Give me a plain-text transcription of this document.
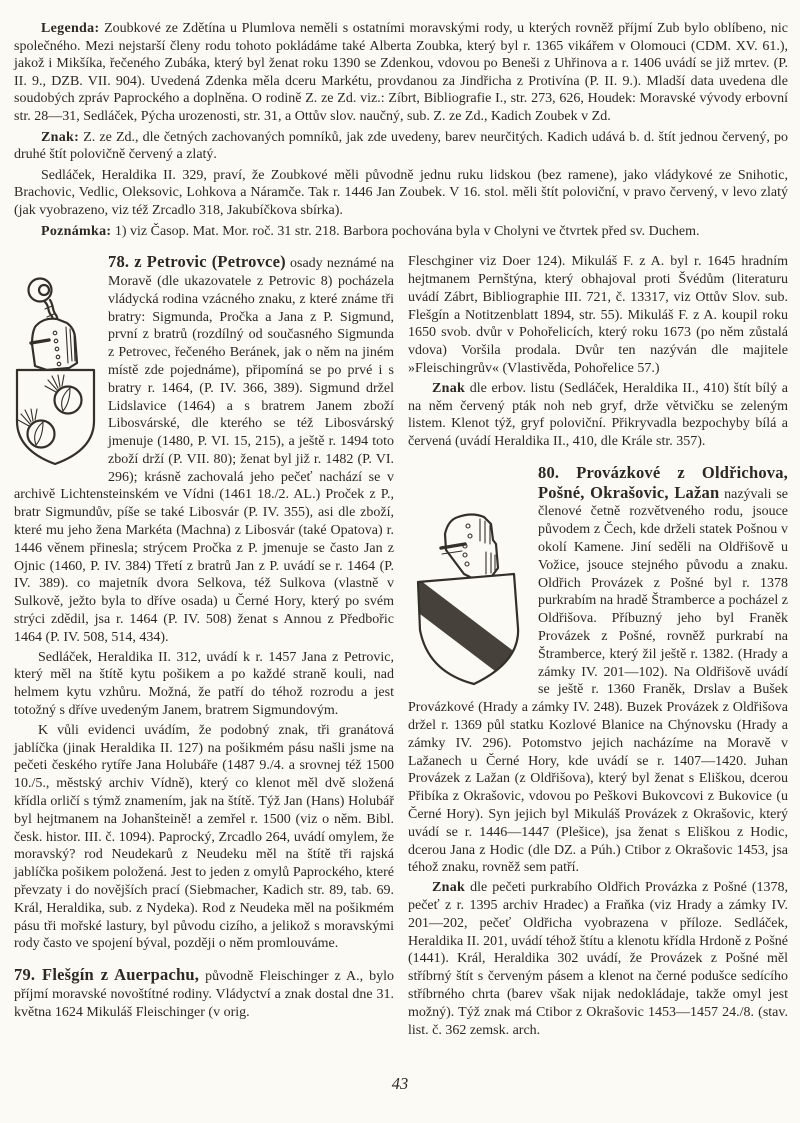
Legenda: Zoubkové ze Zdětína u Plumlova neměli s ostatními moravskými rody, u kterých rovněž příjmí Zub bylo oblíbeno, nic společného. Mezi nejstarší členy rodu tohoto pokládáme také Alberta Zoubka, který byl r. 1365 vikářem v Olomouci (CDM. XV. 61.), jakož i Mikšíka, řečeného Zubáka, který byl ženat roku 1390 se Zdenkou, vdovou po Beneši z Uhřinova a r. 1406 uvádí se již mrtev. (P. II. 9., DZB. VII. 904). Uvedená Zdenka měla dceru Markétu, provdanou za Jindřicha z Protivína (P. II. 9.). Mladší data uvedena dle soudobých zpráv Paprockého a doplněna. O rodině Z. ze Zd. viz.: Zíbrt, Bibliografie I., str. 273, 626, Houdek: Moravské vývody erbovní str. 28—31, Sedláček, Pýcha urozenosti, str. 31, a Ottův slov. naučný, sub. Z. ze Zd., Kadich Zoubek v Zd.

Znak: Z. ze Zd., dle četných zachovaných pomníků, jak zde uvedeny, barev neurčitých. Kadich udává b. d. štít jednou červený, po druhé štít polovičně červený a zlatý.

Sedláček, Heraldika II. 329, praví, že Zoubkové měli původně jednu ruku lidskou (bez ramene), jako vládykové ze Snihotic, Brachovic, Vedlic, Oleksovic, Lohkova a Náramče. Tak r. 1446 Jan Zoubek. V 16. stol. měli štít poloviční, v pravo červený, v levo zlatý (jak vyobrazeno, viz též Zrcadlo 318, Jakubíčkova sbírka).

Poznámka: 1) viz Časop. Mat. Mor. roč. 31 str. 218. Barbora pochována byla v Cholyni ve čtvrtek před sv. Duchem.

78. z Petrovic (Petrovce) osady neznámé na Moravě (dle ukazovatele z Petrovic 8) pocházela vládycká rodina vzácného znaku, z které známe tři bratry: Sigmunda, Pročka a Jana z P. Sigmund, první z bratrů (rozdílný od současného Sigmunda z Petrovec, řečeného Beránek, jak o něm na jiném místě zde pojednáme), připomíná se po prvé i s bratry r. 1464, (P. IV. 366, 389). Sigmund držel Lidslavice (1464) a s bratrem Janem zboží Libosvárské, dle kterého se též Libosvárský jmenuje (1480, P. VI. 15, 215), a ještě r. 1494 toto zboží drží (P. VII. 80); ženat byl již r. 1482 (P. VI. 296); krásně zachovalá jeho pečeť nachází se v archivě Lichtensteinském ve Vídni (1461 18./2. AL.) Proček z P., bratr Sigmundův, píše se také Libosvár (P. IV. 355), asi dle zboží, které mu jeho žena Markéta (Machna) z Libosvár (také Opatova) r. 1446 věnem přinesla; strýcem Pročka z P. jmenuje se často Jan z Ojnic (1460, P. IV. 384) Třetí z bratrů Jan z P. uvádí se r. 1464 (P. IV. 389). co majetník dvora Selkova, též Sulkova (vlastně v Sulkově, ježto byla to dříve osada) u Černé Hory, který po svém strýci zdědil, jsa r. 1464 (P. IV. 508) ženat s Annou z Předbořic 1464 (P. IV. 508, 514, 434).

Sedláček, Heraldika II. 312, uvádí k r. 1457 Jana z Petrovic, který měl na štítě kytu pošikem a po každé straně kouli, nad helmem kytu vzhůru. Možná, že patří do téhož rozrodu a jest totožný s dříve uvedeným Janem, bratrem Sigmundovým.

K vůli evidenci uvádím, že podobný znak, tři granátová jablíčka (jinak Heraldika II. 127) na pošikmém pásu našli jsme na pečeti českého rytíře Jana Holubáře (1487 9./4. a srovnej též 1500 10./5., městský archiv Vídně), který co klenot měl dvě složená křídla orličí s týmž znamením, jak na štítě. Týž Jan (Hans) Holubář byl hejtmanem na Johanšteině! a zemřel r. 1500 (viz o něm. Bibl. česk. histor. III. č. 1094). Paprocký, Zrcadlo 264, uvádí omylem, že moravský? rod Neudekarů z Neudeku měl na štítě tři rajská jablíčka pošikem položená. Jest to jeden z omylů Paprockého, které převzaty i do novějších prací (Siebmacher, Kadich str. 89, tab. 69. Král, Heraldika, sub. z Nydeka). Rod z Neudeka měl na pošikmém pásu tři mořské lastury, byl původu cizího, a jelikož s moravskými rody často ve spojení býval, později o něm promlouváme.

79. Flešgín z Auerpachu, původně Fleischinger z A., bylo příjmí moravské novoštítné rodiny. Vládyctví a znak dostal dne 31. května 1624 Mikuláš Fleischinger (v orig.

Fleschginer viz Doer 124). Mikuláš F. z A. byl r. 1645 hradním hejtmanem Pernštýna, který obhajoval proti Švédům (literaturu uvádí Zábrt, Bibliographie III. 721, č. 13317, viz Ottův Slov. sub. Flešgín a Notitzenblatt 1894, str. 55). Mikuláš F. z A. koupil roku 1650 svob. dvůr v Pohořelicích, který roku 1673 (po něm zůstalá vdova) Voršila prodala. Dvůr ten nazýván dle majitele »Fleischingrův« (Vlastivěda, Pohořelice 57.)

Znak dle erbov. listu (Sedláček, Heraldika II., 410) štít bílý a na něm červený pták noh neb gryf, drže větvičku se zeleným listem. Klenot týž, gryf poloviční. Přikryvadla bezpochyby bílá a červená (uvádí Heraldika II., 410, dle Krále str. 357).

80. Provázkové z Oldřichova, Pošné, Okrašovic, Lažan nazývali se členové četně rozvětveného rodu, jsouce původem z Čech, kde drželi statek Pošnou v okolí Kamene. Jiní seděli na Oldřišově u Vožice, jsouce stejného původu a znaku. Oldřich Provázek z Pošné byl r. 1378 purkrabím na hradě Štramberce a pocházel z Oldřišova. Příbuzný jeho byl Franěk Provázek z Pošné, rovněž purkrabí na Štramberce, který žil ještě r. 1382. (Hrady a zámky IV. 201—102). Na Oldřišově uvádí se ještě r. 1360 Franěk, Drslav a Bušek Provázkové (Hrady a zámky IV. 248). Buzek Provázek z Oldřišova držel r. 1369 půl statku Kozlové Blanice na Chýnovsku (Hrady a zámky IV. 296). Potomstvo jejich nacházíme na Moravě v Lažanech u Černé Hory, kde uvádí se r. 1407—1420. Juhan Provázek z Lažan (z Oldřišova), který byl ženat s Eliškou, dcerou Přibíka z Okrašovic, vdovou po Peškovi Bukovcovi z Bukovice (u Černé Hory). Syn jejich byl Mikuláš Provázek z Okrašovic, který uvádí se r. 1446—1447 (Plešice), jsa ženat s Eliškou z Hodic, dcerou Jana z Hodic (dle DZ. a Púh.) Ctibor z Okrašovic 1453, jsa téhož znaku, rovněž sem patří.

Znak dle pečeti purkrabího Oldřich Provázka z Pošné (1378, pečeť z r. 1395 archiv Hradec) a Fraňka (viz Hrady a zámky IV. 201—202, pečeť Oldřicha vyobrazena v příloze. Sedláček, Heraldika II. 201, uvádí téhož štítu a klenotu křídla Hrdoně z Pošné (1441). Král, Heraldika 302 uvádí, že Provázek z Pošné měl stříbrný štít s červeným pásem a klenot na černé podušce sedícího stříbrného chrta (barev však nijak nedokládaje, takže omyl jest možný). Týž znak má Ctibor z Okrašovic 1453—1457 24./8. (stav. list. č. 362 zemsk. arch.

43
